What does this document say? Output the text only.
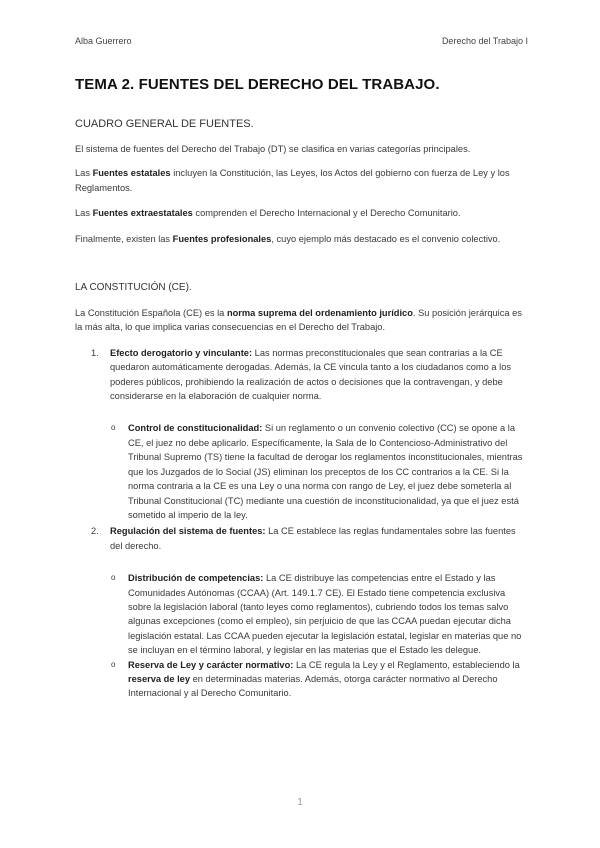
Alba Guerrero	Derecho del Trabajo I
TEMA 2. FUENTES DEL DERECHO DEL TRABAJO.
CUADRO GENERAL DE FUENTES.

El sistema de fuentes del Derecho del Trabajo (DT) se clasifica en varias categorías principales.

Las Fuentes estatales incluyen la Constitución, las Leyes, los Actos del gobierno con fuerza de Ley y los Reglamentos.

Las Fuentes extraestatales comprenden el Derecho Internacional y el Derecho Comunitario.

Finalmente, existen las Fuentes profesionales, cuyo ejemplo más destacado es el convenio colectivo.

LA CONSTITUCIÓN (CE).

La Constitución Española (CE) es la norma suprema del ordenamiento jurídico. Su posición jerárquica es la más alta, lo que implica varias consecuencias en el Derecho del Trabajo.

1. Efecto derogatorio y vinculante: Las normas preconstitucionales que sean contrarias a la CE quedaron automáticamente derogadas. Además, la CE vincula tanto a los ciudadanos como a los poderes públicos, prohibiendo la realización de actos o decisiones que la contravengan, y debe considerarse en la elaboración de cualquier norma.
o Control de constitucionalidad: Si un reglamento o un convenio colectivo (CC) se opone a la CE, el juez no debe aplicarlo. Específicamente, la Sala de lo Contencioso-Administrativo del Tribunal Supremo (TS) tiene la facultad de derogar los reglamentos inconstitucionales, mientras que los Juzgados de lo Social (JS) eliminan los preceptos de los CC contrarios a la CE. Si la norma contraria a la CE es una Ley o una norma con rango de Ley, el juez debe someterla al Tribunal Constitucional (TC) mediante una cuestión de inconstitucionalidad, ya que el juez está sometido al imperio de la ley.
2. Regulación del sistema de fuentes: La CE establece las reglas fundamentales sobre las fuentes del derecho.
o Distribución de competencias: La CE distribuye las competencias entre el Estado y las Comunidades Autónomas (CCAA) (Art. 149.1.7 CE). El Estado tiene competencia exclusiva sobre la legislación laboral (tanto leyes como reglamentos), cubriendo todos los temas salvo algunas excepciones (como el empleo), sin perjuicio de que las CCAA puedan ejecutar dicha legislación estatal. Las CCAA pueden ejecutar la legislación estatal, legislar en materias que no se incluyan en el término laboral, y legislar en las materias que el Estado les delegue.
o Reserva de Ley y carácter normativo: La CE regula la Ley y el Reglamento, estableciendo la reserva de ley en determinadas materias. Además, otorga carácter normativo al Derecho Internacional y al Derecho Comunitario.
1
